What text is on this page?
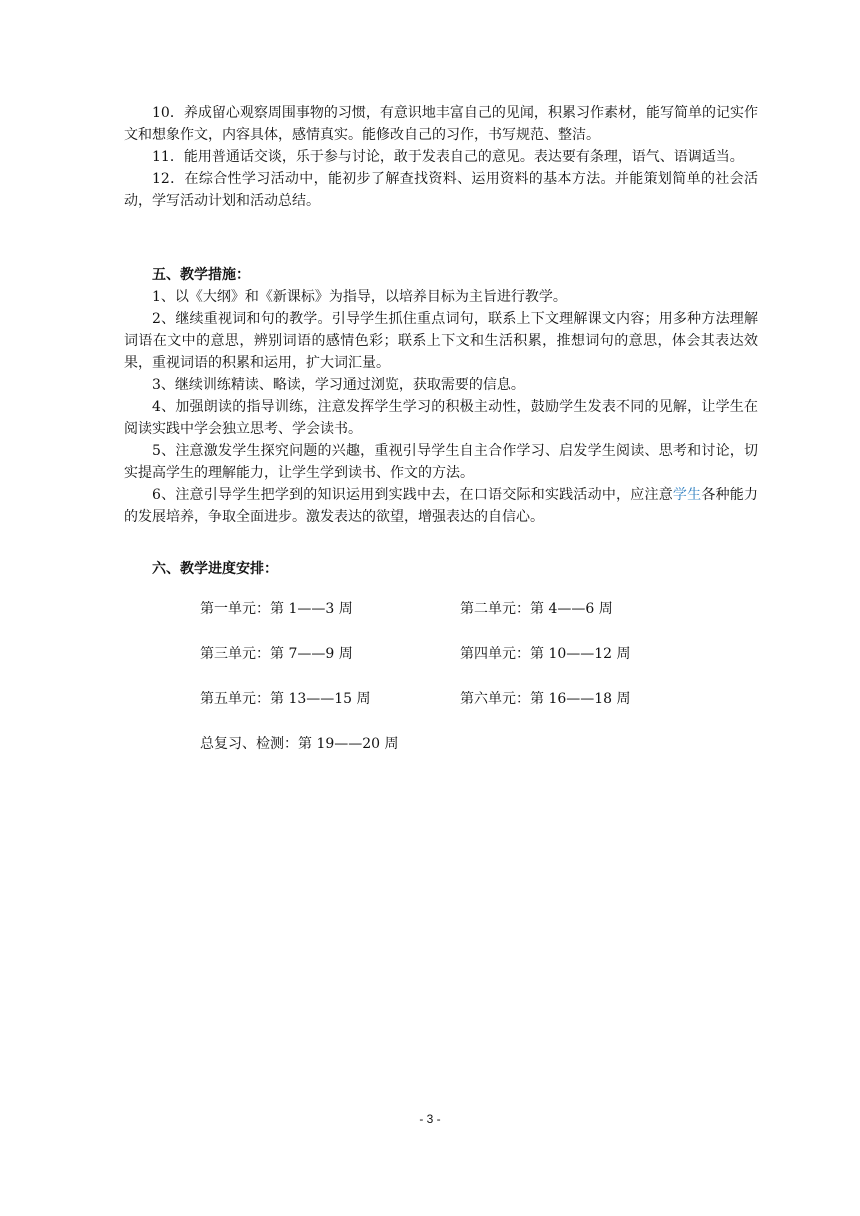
10．养成留心观察周围事物的习惯，有意识地丰富自己的见闻，积累习作素材，能写简单的记实作文和想象作文，内容具体，感情真实。能修改自己的习作，书写规范、整洁。

11．能用普通话交谈，乐于参与讨论，敢于发表自己的意见。表达要有条理，语气、语调适当。

12．在综合性学习活动中，能初步了解查找资料、运用资料的基本方法。并能策划简单的社会活动，学写活动计划和活动总结。

五、教学措施：

1、以《大纲》和《新课标》为指导，以培养目标为主旨进行教学。

2、继续重视词和句的教学。引导学生抓住重点词句，联系上下文理解课文内容；用多种方法理解词语在文中的意思，辨别词语的感情色彩；联系上下文和生活积累，推想词句的意思，体会其表达效果，重视词语的积累和运用，扩大词汇量。

3、继续训练精读、略读，学习通过浏览，获取需要的信息。

4、加强朗读的指导训练，注意发挥学生学习的积极主动性，鼓励学生发表不同的见解，让学生在阅读实践中学会独立思考、学会读书。

5、注意激发学生探究问题的兴趣，重视引导学生自主合作学习、启发学生阅读、思考和讨论，切实提高学生的理解能力，让学生学到读书、作文的方法。

6、注意引导学生把学到的知识运用到实践中去，在口语交际和实践活动中，应注意学生各种能力的发展培养，争取全面进步。激发表达的欲望，增强表达的自信心。

六、教学进度安排：

第一单元：第 1——3 周	第二单元：第 4——6 周
第三单元：第 7——9 周	第四单元：第 10——12 周
第五单元：第 13——15 周	第六单元：第 16——18 周
总复习、检测：第 19——20 周
- 3 -
